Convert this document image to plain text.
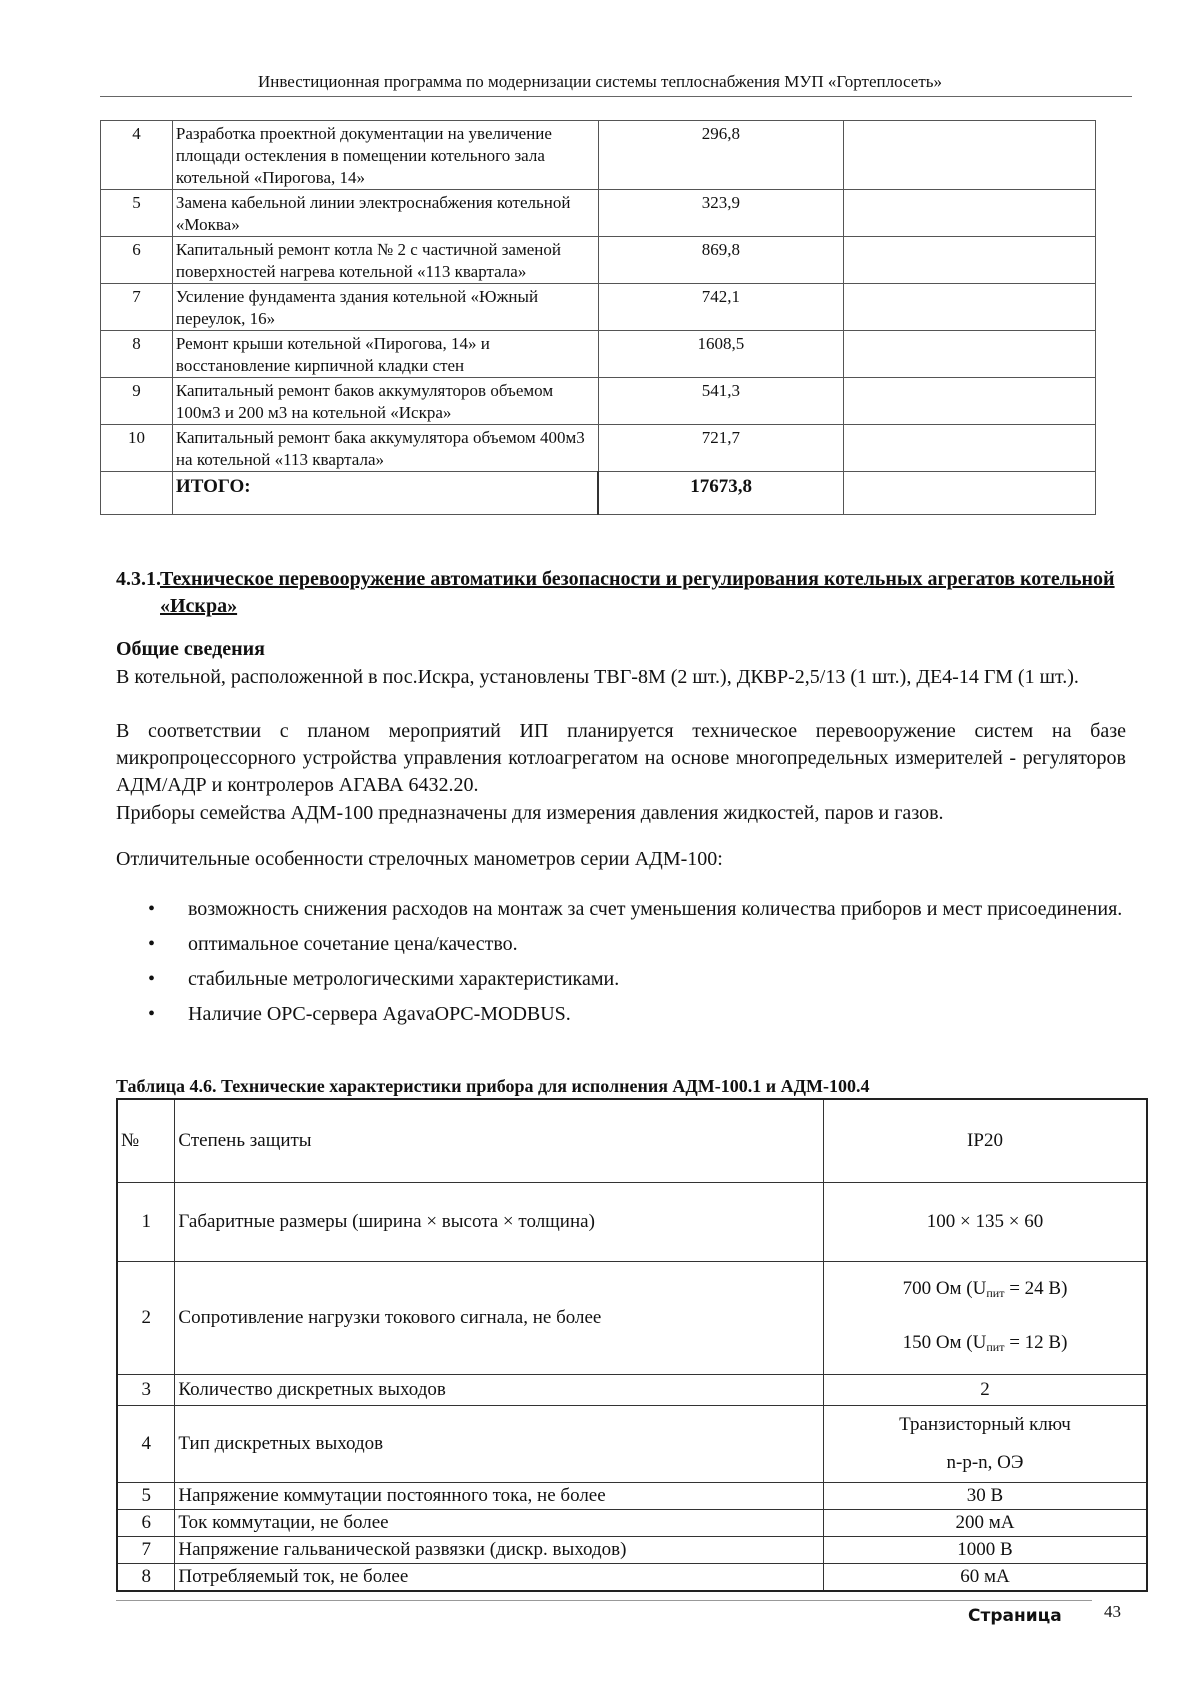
Инвестиционная программа по модернизации системы теплоснабжения МУП «Гортеплосеть»
4	Разработка проектной документации на увеличение площади остекления в помещении котельного зала котельной «Пирогова, 14»	296,8	
5	Замена кабельной линии электроснабжения котельной «Моква»	323,9	
6	Капитальный ремонт котла № 2 с частичной заменой поверхностей нагрева котельной «113 квартала»	869,8	
7	Усиление фундамента здания котельной «Южный переулок, 16»	742,1	
8	Ремонт крыши котельной «Пирогова, 14» и восстановление кирпичной кладки стен	1608,5	
9	Капитальный ремонт баков аккумуляторов объемом 100м3 и 200 м3 на котельной «Искра»	541,3	
10	Капитальный ремонт бака аккумулятора объемом 400м3 на котельной «113 квартала»	721,7	
	ИТОГО:	17673,8	
4.3.1. Техническое перевооружение автоматики безопасности и регулирования котельных агрегатов котельной «Искра»
Общие сведения
В котельной, расположенной в пос.Искра, установлены ТВГ-8М (2 шт.), ДКВР-2,5/13 (1 шт.), ДЕ4-14 ГМ (1 шт.).
В соответствии с планом мероприятий ИП планируется техническое перевооружение систем на базе микропроцессорного устройства управления котлоагрегатом на основе многопредельных измерителей - регуляторов АДМ/АДР и контролеров АГАВА 6432.20.
Приборы семейства АДМ-100 предназначены для измерения давления жидкостей, паров и газов.
Отличительные особенности стрелочных манометров серии АДМ-100:
• возможность снижения расходов на монтаж за счет уменьшения количества приборов и мест присоединения.
• оптимальное сочетание цена/качество.
• стабильные метрологическими характеристиками.
• Наличие OPC-сервера AgavaOPC-MODBUS.
Таблица 4.6. Технические характеристики прибора для исполнения АДМ-100.1 и АДМ-100.4
№	Степень защиты	IP20
1	Габаритные размеры (ширина × высота × толщина)	100 × 135 × 60
2	Сопротивление нагрузки токового сигнала, не более	700 Ом ($U_{пит} = 24$ В)
150 Ом ($U_{пит} = 12$ В)

3	Количество дискретных выходов	2
4	Тип дискретных выходов	Транзисторный ключ
n-p-n, ОЭ

5	Напряжение коммутации постоянного тока, не более	30 В
6	Ток коммутации, не более	200 мА
7	Напряжение гальванической развязки (дискр. выходов)	1000 В
8	Потребляемый ток, не более	60 мА
Страница 43
